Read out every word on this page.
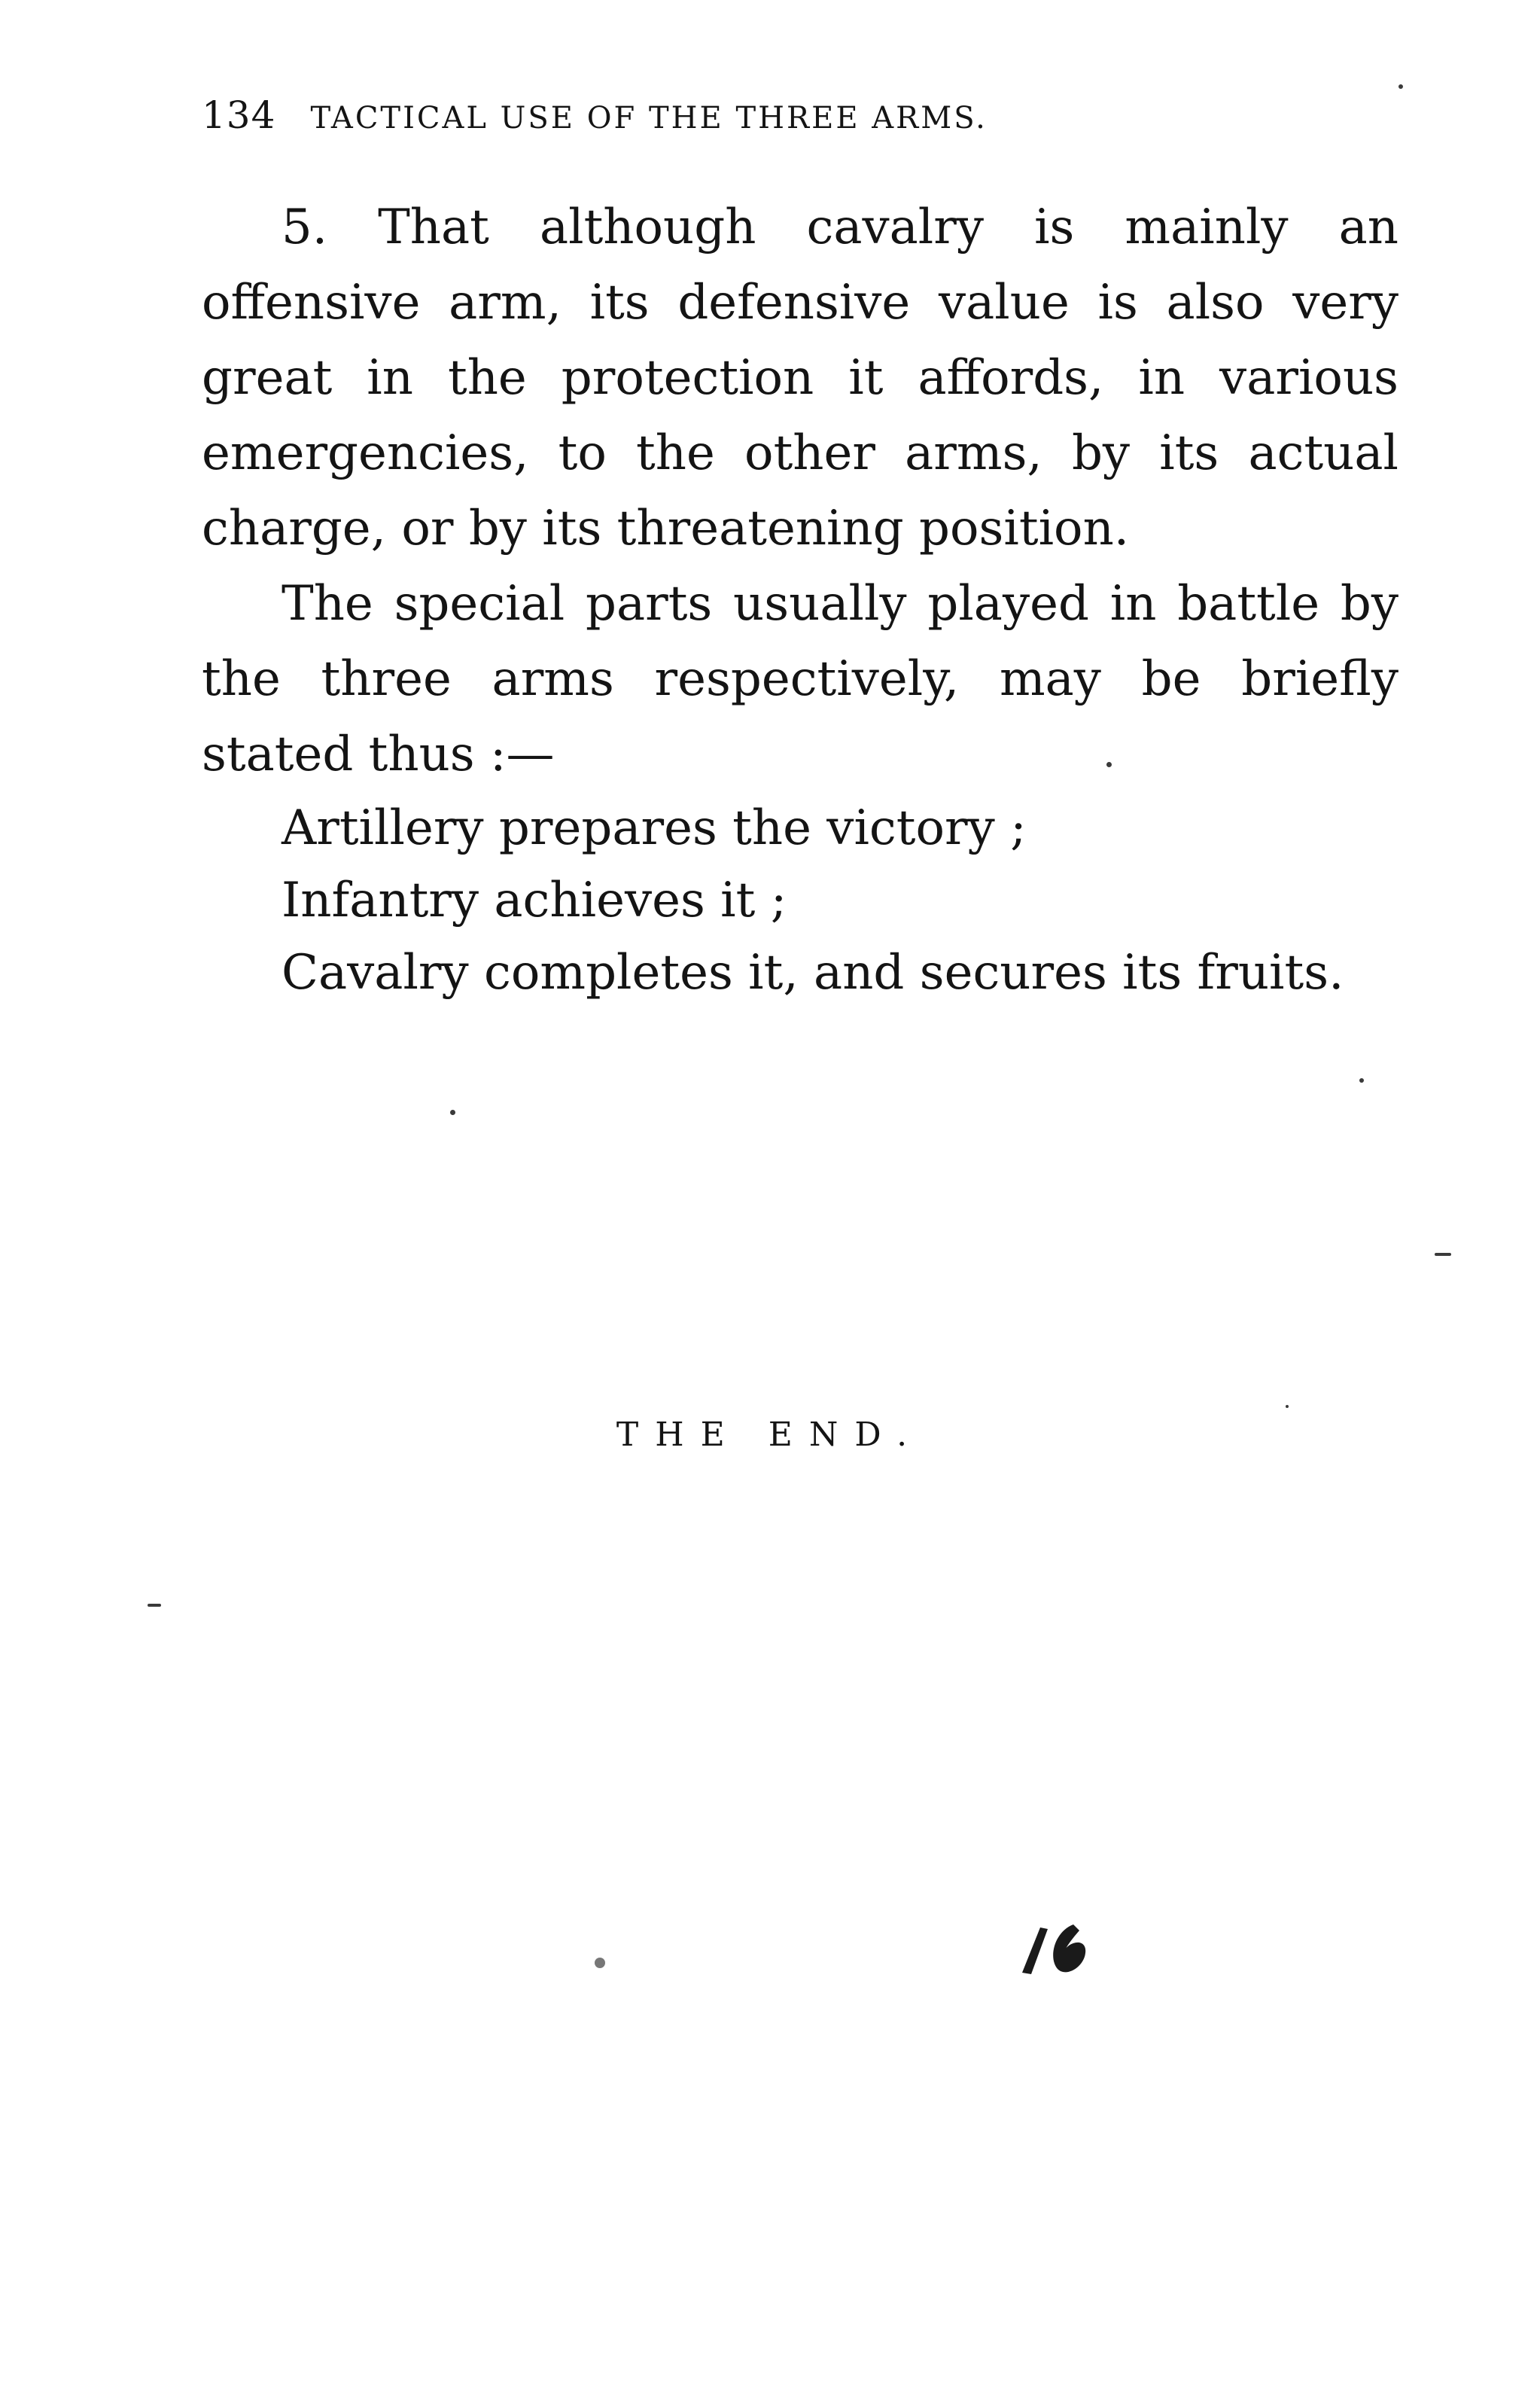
134 TACTICAL USE OF THE THREE ARMS.

5. That although cavalry is mainly an offensive arm, its defensive value is also very great in the protection it affords, in various emergencies, to the other arms, by its actual charge, or by its threatening position.

The special parts usually played in battle by the three arms respectively, may be briefly stated thus :—

Artillery prepares the victory ;
Infantry achieves it ;
Cavalry completes it, and secures its fruits.
THE END.
